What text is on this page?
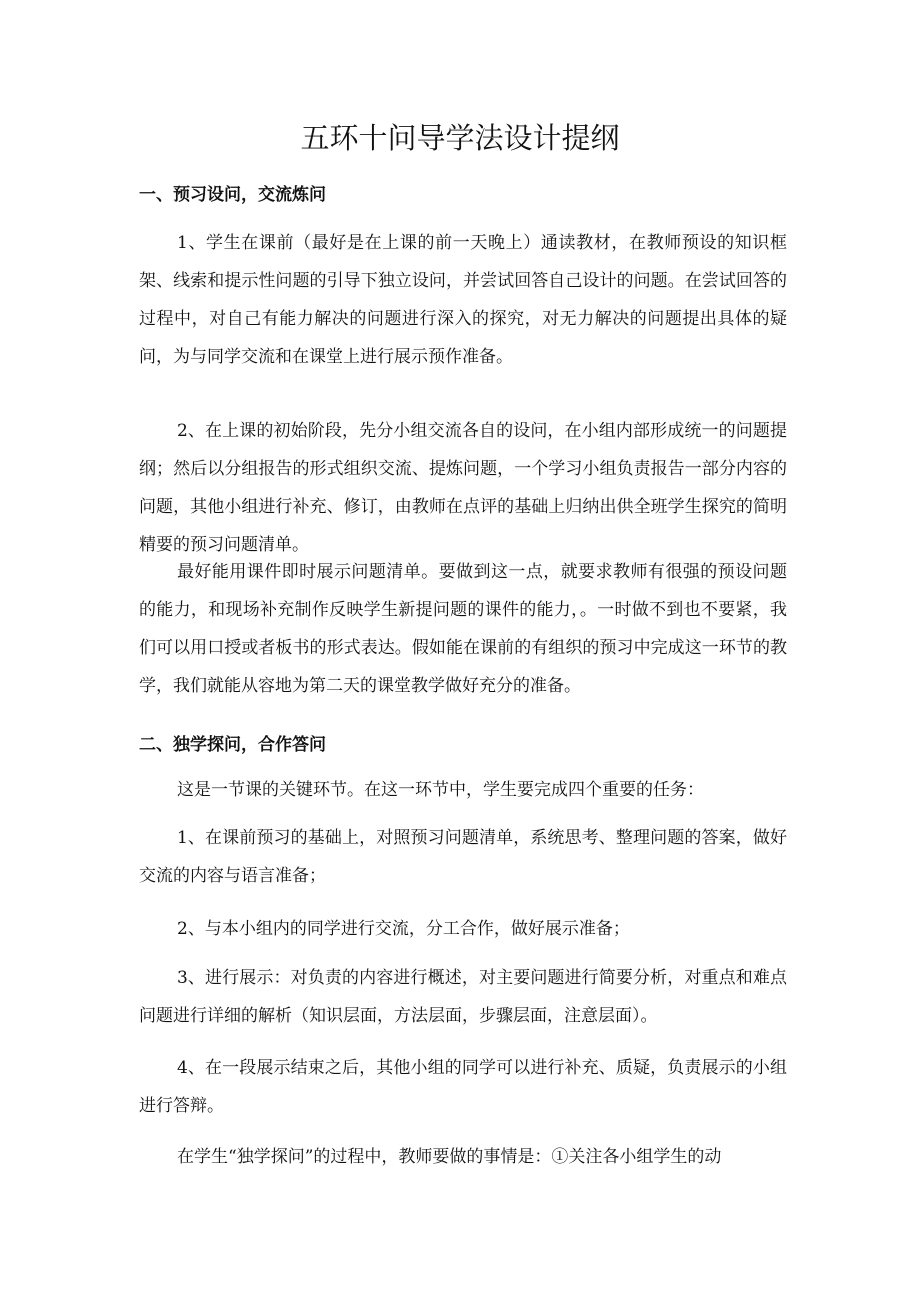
五环十问导学法设计提纲
一、预习设问，交流炼问

1、学生在课前（最好是在上课的前一天晚上）通读教材，在教师预设的知识框架、线索和提示性问题的引导下独立设问，并尝试回答自己设计的问题。在尝试回答的过程中，对自己有能力解决的问题进行深入的探究，对无力解决的问题提出具体的疑问，为与同学交流和在课堂上进行展示预作准备。

2、在上课的初始阶段，先分小组交流各自的设问，在小组内部形成统一的问题提纲；然后以分组报告的形式组织交流、提炼问题，一个学习小组负责报告一部分内容的问题，其他小组进行补充、修订，由教师在点评的基础上归纳出供全班学生探究的简明精要的预习问题清单。

最好能用课件即时展示问题清单。要做到这一点，就要求教师有很强的预设问题的能力，和现场补充制作反映学生新提问题的课件的能力，。一时做不到也不要紧，我们可以用口授或者板书的形式表达。假如能在课前的有组织的预习中完成这一环节的教学，我们就能从容地为第二天的课堂教学做好充分的准备。

二、独学探问，合作答问

这是一节课的关键环节。在这一环节中，学生要完成四个重要的任务：

1、在课前预习的基础上，对照预习问题清单，系统思考、整理问题的答案，做好交流的内容与语言准备；

2、与本小组内的同学进行交流，分工合作，做好展示准备；

3、进行展示：对负责的内容进行概述，对主要问题进行简要分析，对重点和难点问题进行详细的解析（知识层面，方法层面，步骤层面，注意层面）。

4、在一段展示结束之后，其他小组的同学可以进行补充、质疑，负责展示的小组进行答辩。

在学生“独学探问”的过程中，教师要做的事情是：①关注各小组学生的动
